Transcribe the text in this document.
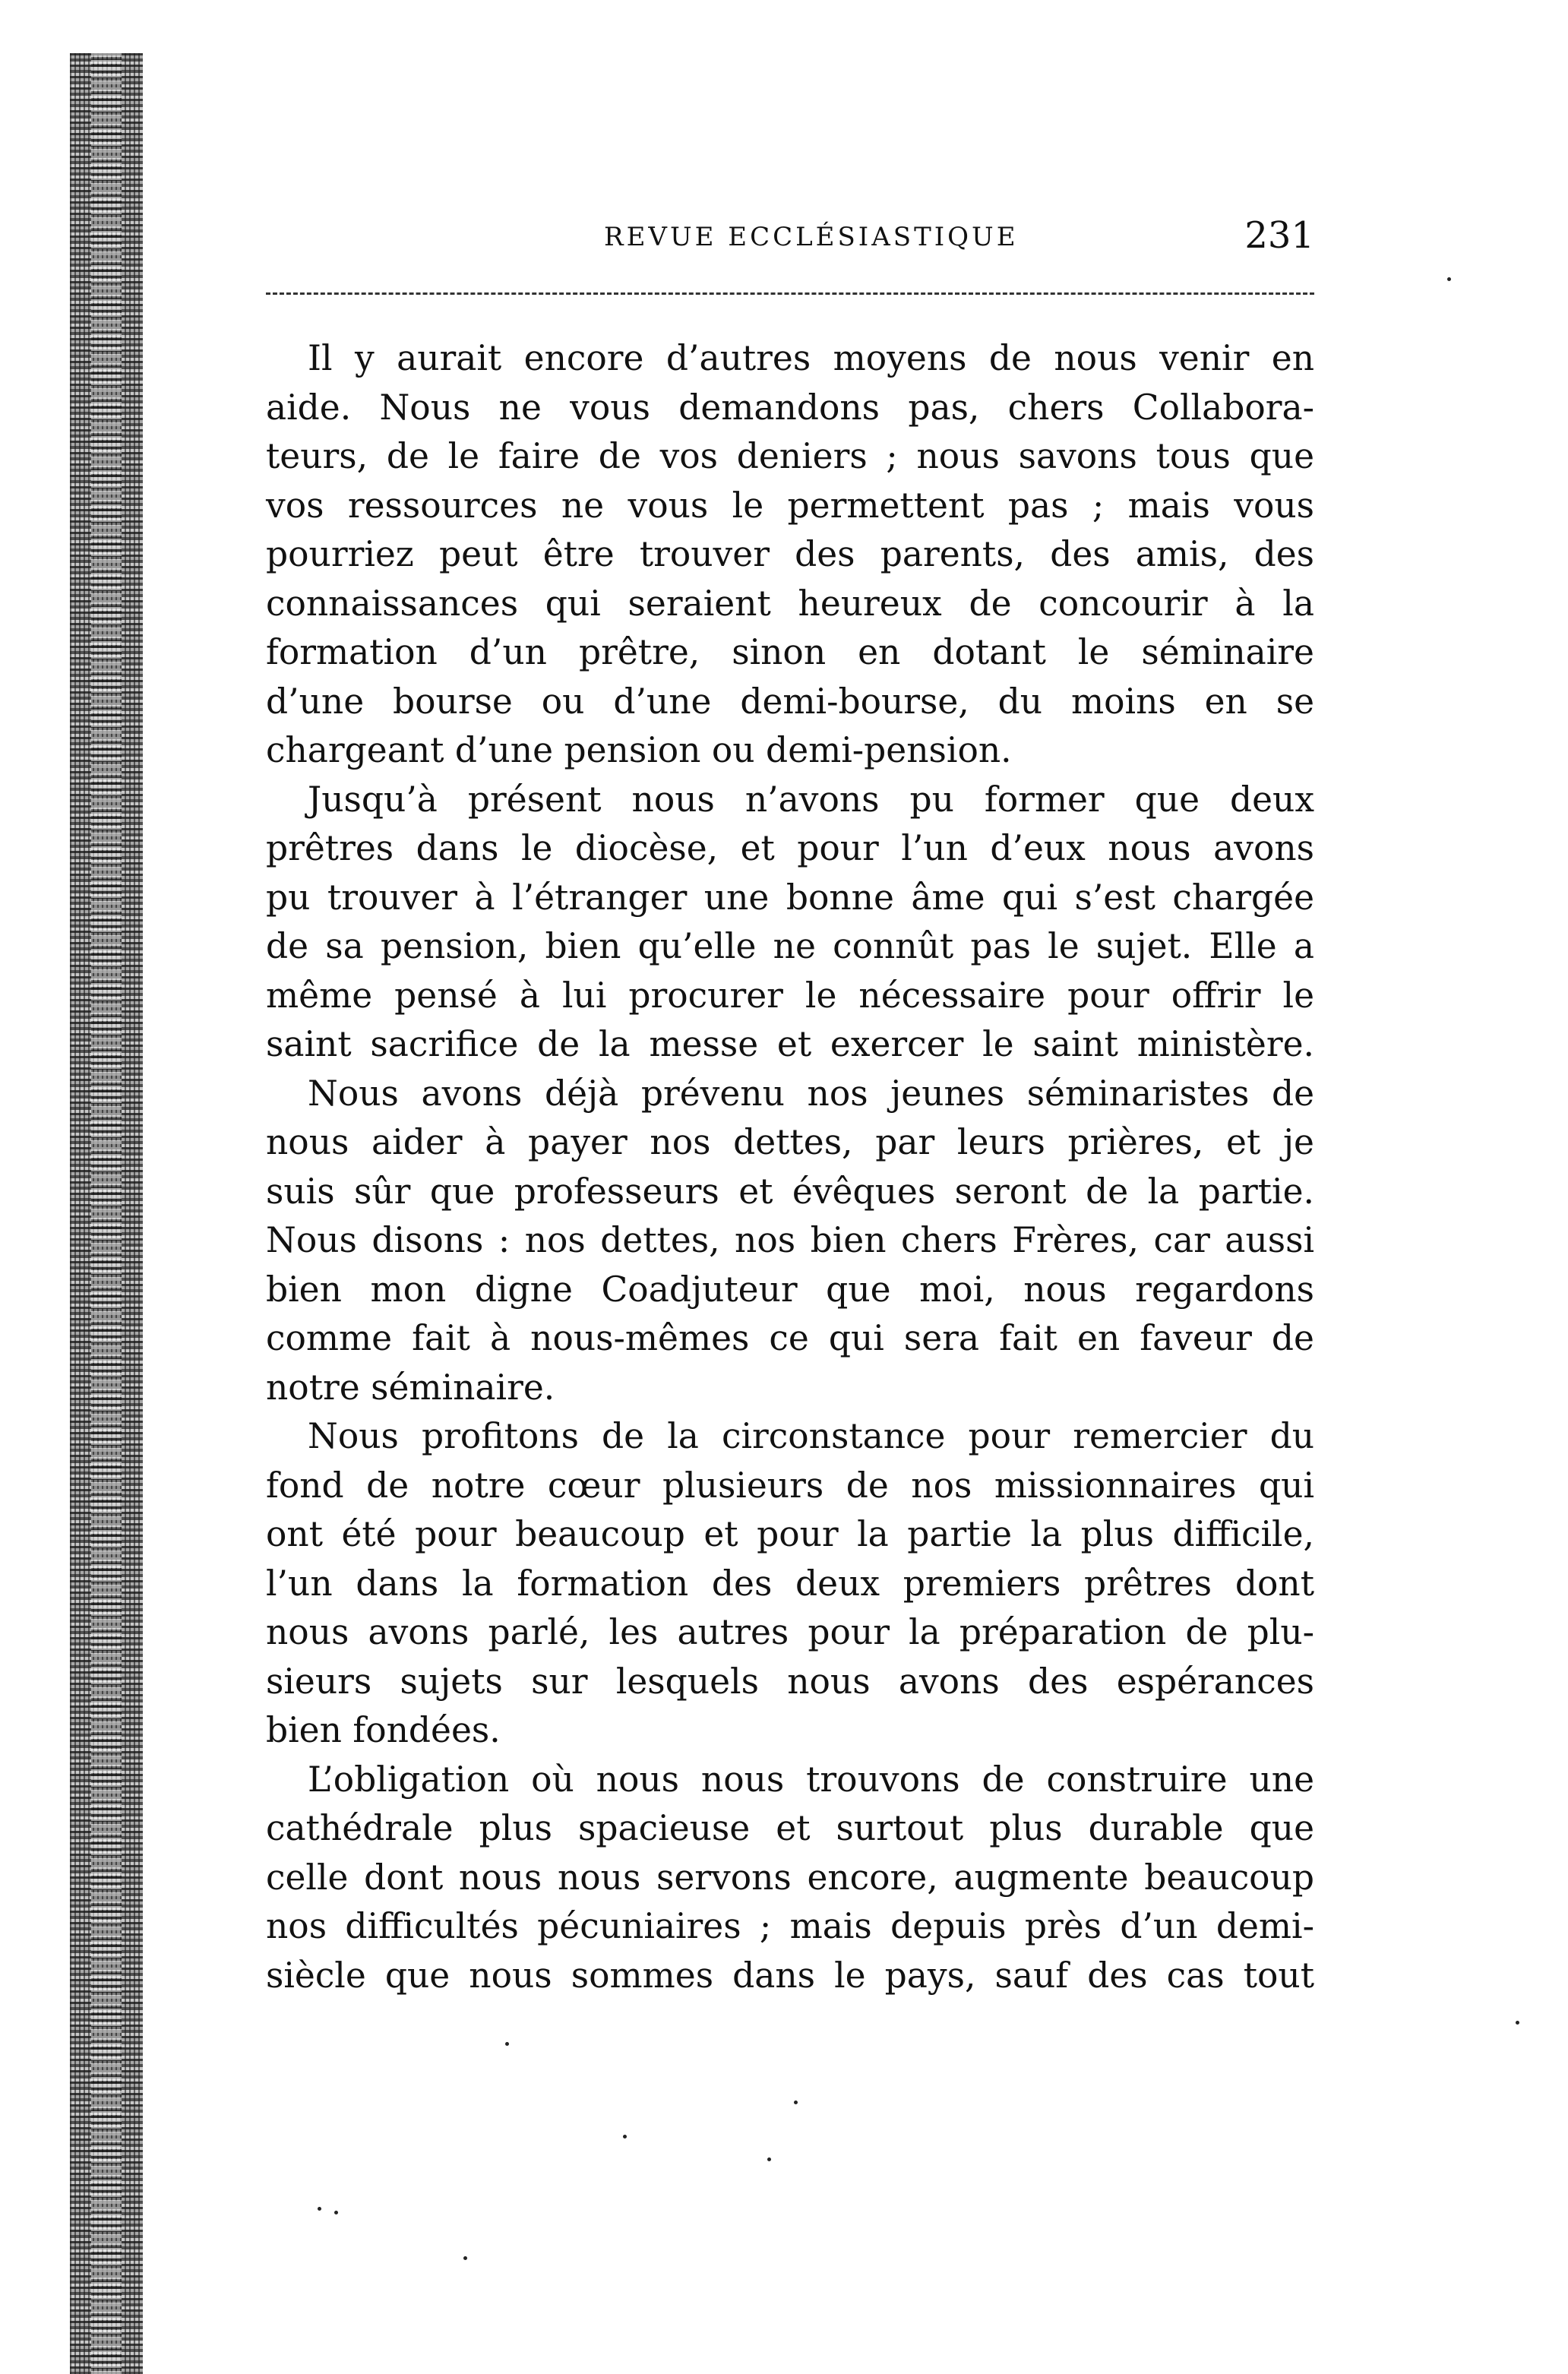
REVUE ECCLÉSIASTIQUE	231
Il y aurait encore d’autres moyens de nous venir en
aide. Nous ne vous demandons pas, chers Collabora-
teurs, de le faire de vos deniers ; nous savons tous que
vos ressources ne vous le permettent pas ; mais vous
pourriez peut être trouver des parents, des amis, des
connaissances qui seraient heureux de concourir à la
formation d’un prêtre, sinon en dotant le séminaire
d’une bourse ou d’une demi-bourse, du moins en se
chargeant d’une pension ou demi-pension.
Jusqu’à présent nous n’avons pu former que deux
prêtres dans le diocèse, et pour l’un d’eux nous avons
pu trouver à l’étranger une bonne âme qui s’est chargée
de sa pension, bien qu’elle ne connût pas le sujet. Elle a
même pensé à lui procurer le nécessaire pour offrir le
saint sacrifice de la messe et exercer le saint ministère.
Nous avons déjà prévenu nos jeunes séminaristes de
nous aider à payer nos dettes, par leurs prières, et je
suis sûr que professeurs et évêques seront de la partie.
Nous disons : nos dettes, nos bien chers Frères, car aussi
bien mon digne Coadjuteur que moi, nous regardons
comme fait à nous-mêmes ce qui sera fait en faveur de
notre séminaire.
Nous profitons de la circonstance pour remercier du
fond de notre cœur plusieurs de nos missionnaires qui
ont été pour beaucoup et pour la partie la plus difficile,
l’un dans la formation des deux premiers prêtres dont
nous avons parlé, les autres pour la préparation de plu-
sieurs sujets sur lesquels nous avons des espérances
bien fondées.
L’obligation où nous nous trouvons de construire une
cathédrale plus spacieuse et surtout plus durable que
celle dont nous nous servons encore, augmente beaucoup
nos difficultés pécuniaires ; mais depuis près d’un demi-
siècle que nous sommes dans le pays, sauf des cas tout
